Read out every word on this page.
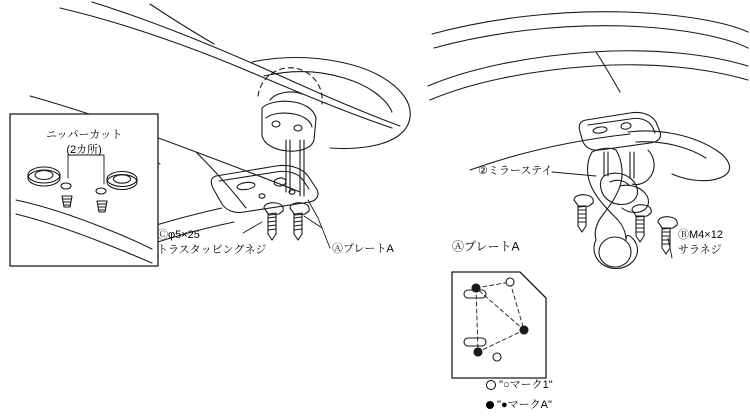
ニッパーカット
(2カ所)
Ⓒφ5×25
トラスタッピングネジ	ⒶプレートA
②ミラーステイ
ⒷM4×12
サラネジ
ⒶプレートA
"○マーク1"
"●マークA"
